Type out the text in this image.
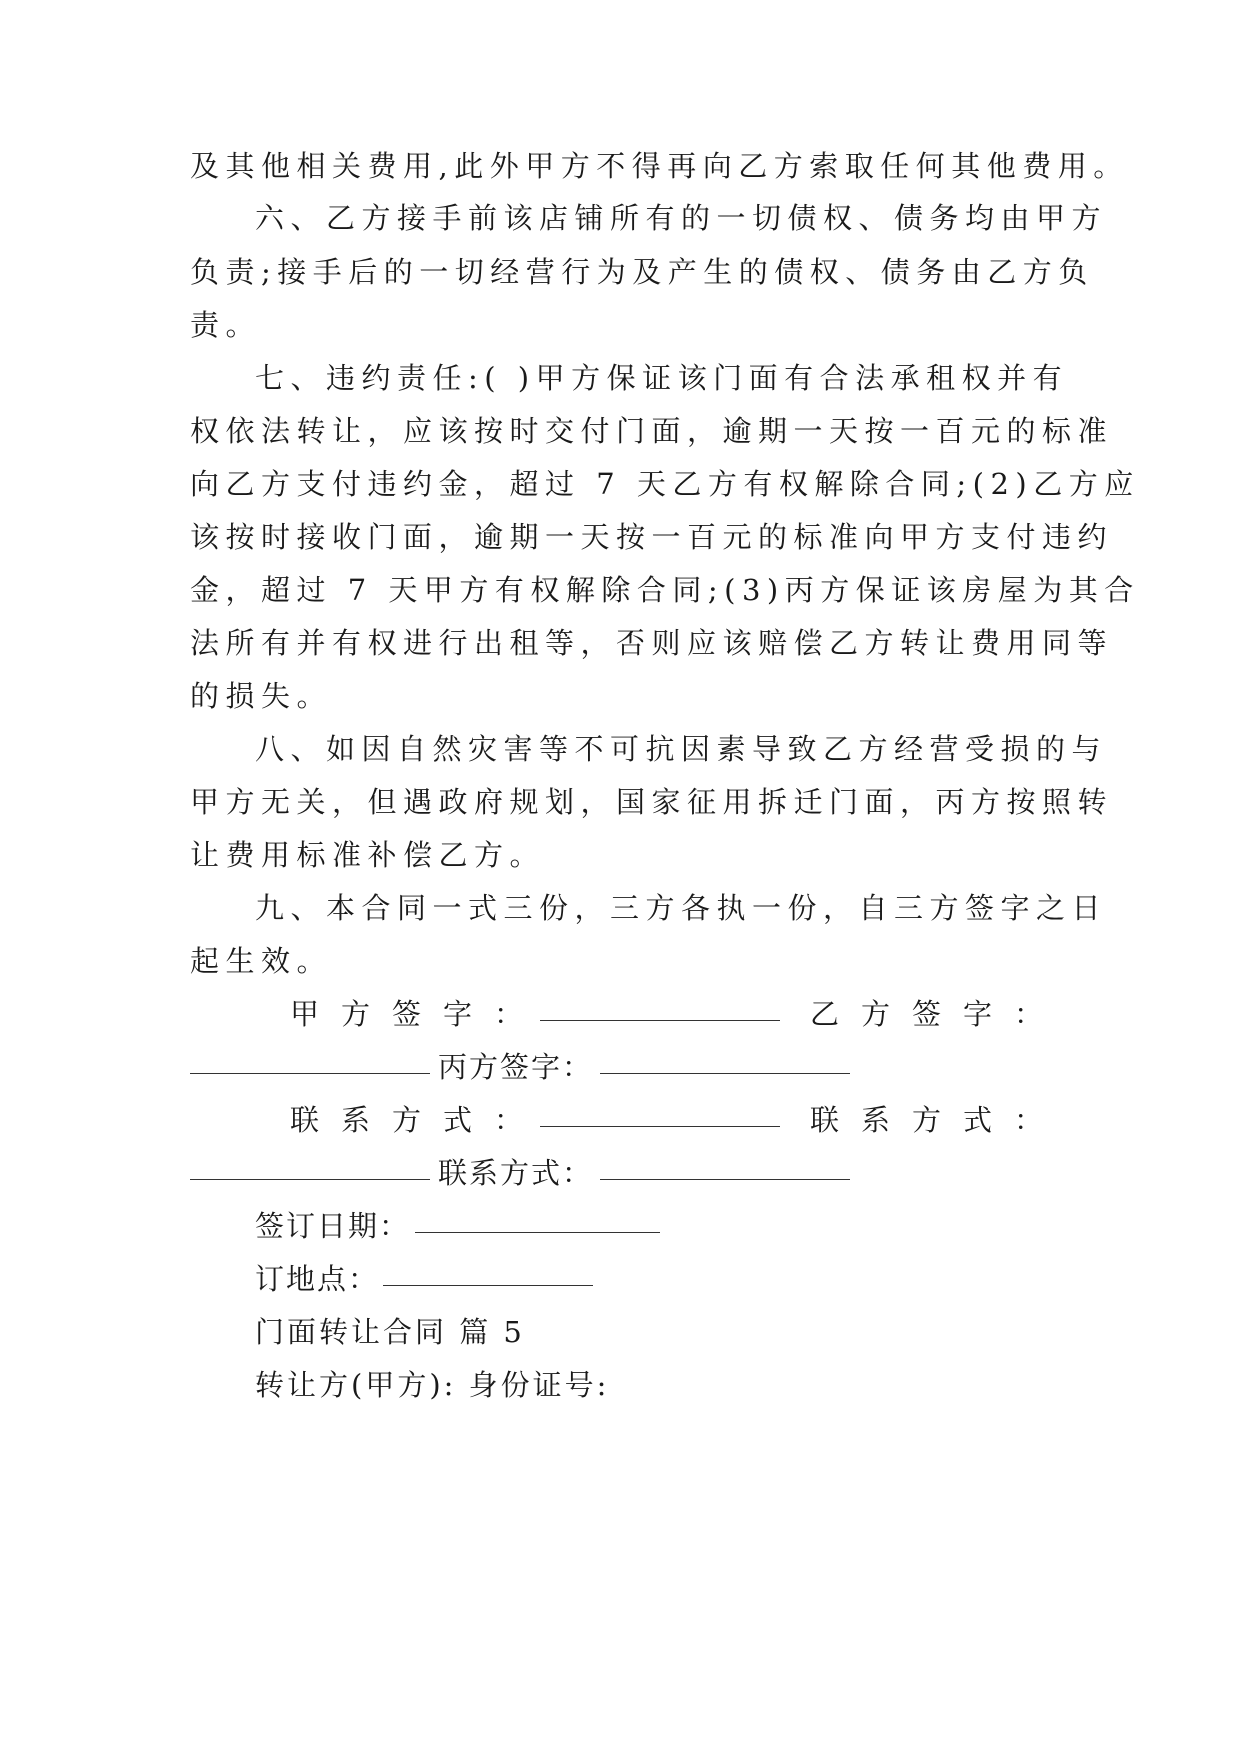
及其他相关费用,此外甲方不得再向乙方索取任何其他费用。
六、乙方接手前该店铺所有的一切债权、债务均由甲方
负责;接手后的一切经营行为及产生的债权、债务由乙方负
责。
七、违约责任:( )甲方保证该门面有合法承租权并有
权依法转让，应该按时交付门面，逾期一天按一百元的标准
向乙方支付违约金，超过 7 天乙方有权解除合同;(2)乙方应
该按时接收门面，逾期一天按一百元的标准向甲方支付违约
金，超过 7 天甲方有权解除合同;(3)丙方保证该房屋为其合
法所有并有权进行出租等，否则应该赔偿乙方转让费用同等
的损失。
八、如因自然灾害等不可抗因素导致乙方经营受损的与
甲方无关，但遇政府规划，国家征用拆迁门面，丙方按照转
让费用标准补偿乙方。
九、本合同一式三份，三方各执一份，自三方签字之日
起生效。
甲方签字：	乙方签字：
丙方签字：
联系方式：	联系方式：
联系方式：
签订日期：
订地点：
门面转让合同 篇 5
转让方(甲方): 身份证号:
